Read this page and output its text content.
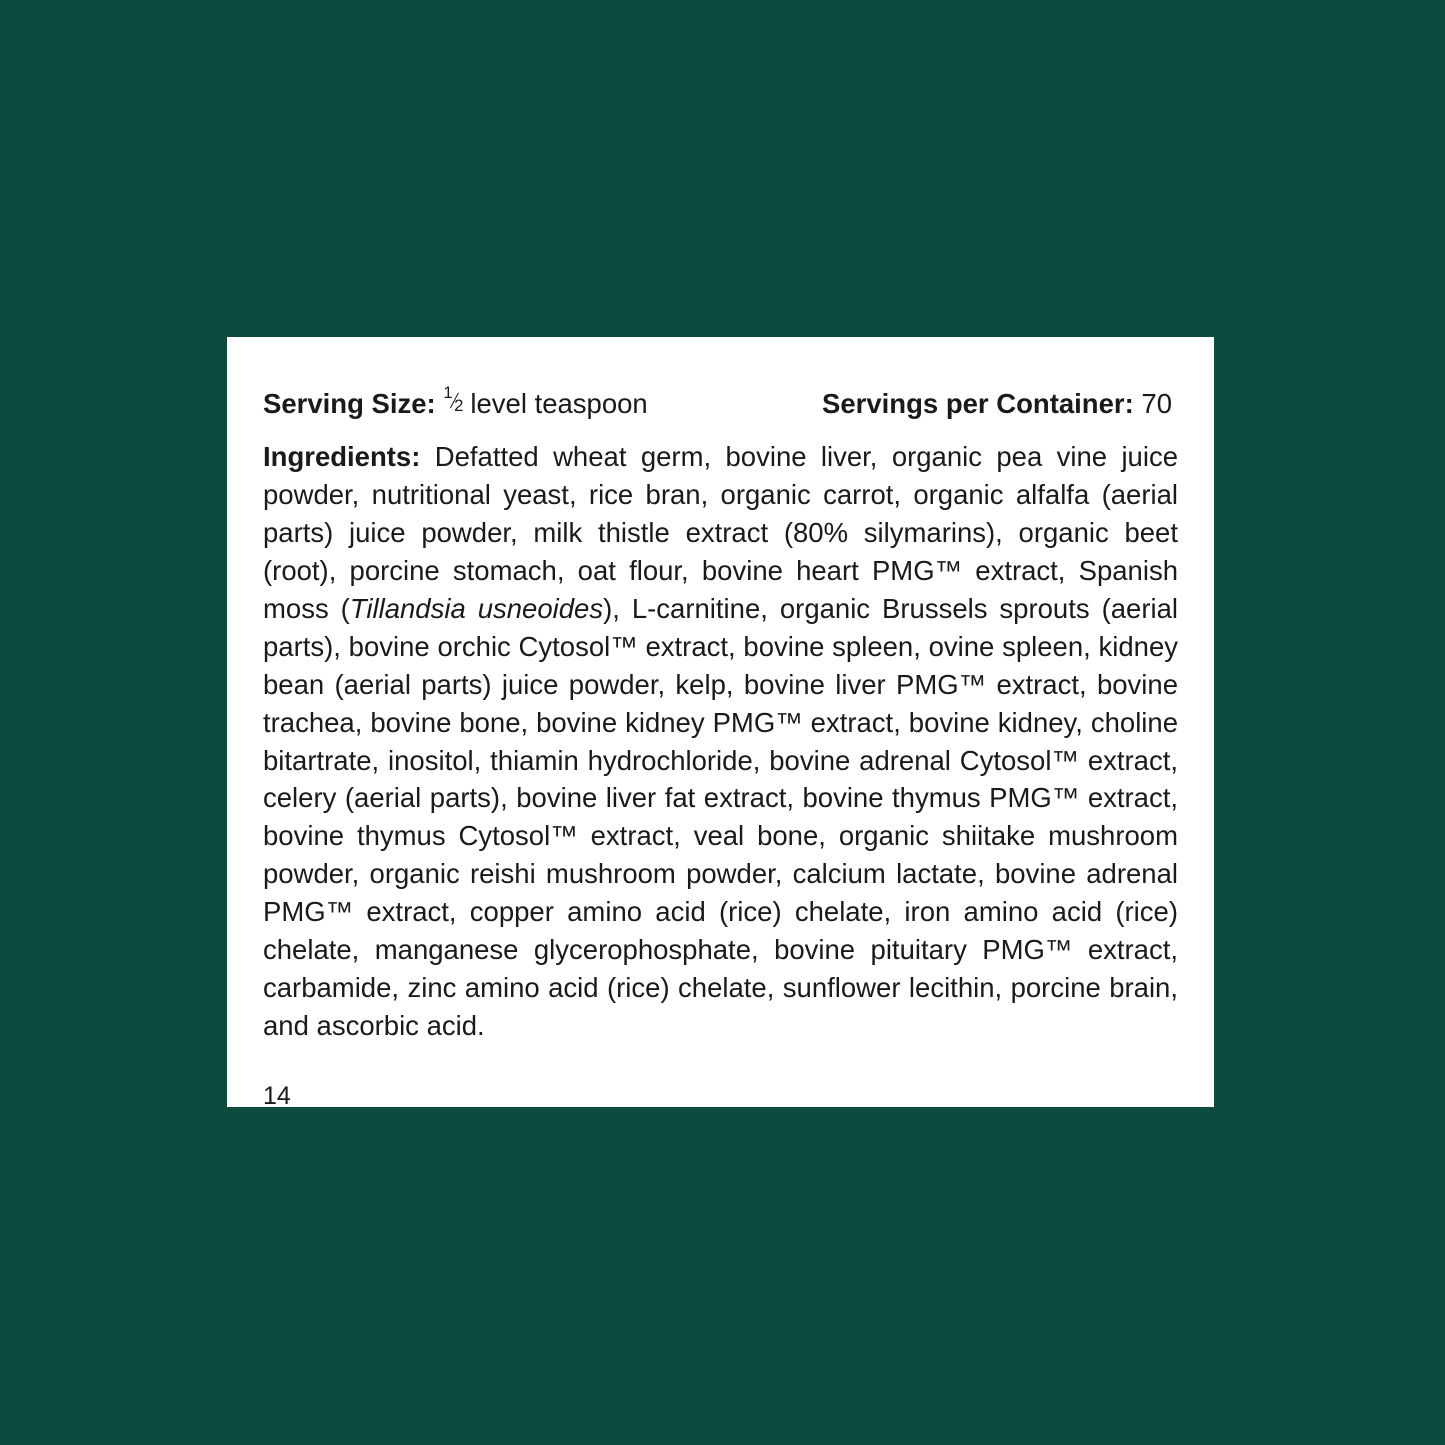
Serving Size: 1
2 level teaspoon	Servings per Container: 70

Ingredients: Defatted wheat germ, bovine liver, organic pea vine juice powder, nutritional yeast, rice bran, organic carrot, organic alfalfa (aerial parts) juice powder, milk thistle extract (80% silymarins), organic beet (root), porcine stomach, oat flour, bovine heart PMG™ extract, Spanish moss (Tillandsia usneoides), L-carnitine, organic Brussels sprouts (aerial parts), bovine orchic Cytosol™ extract, bovine spleen, ovine spleen, kidney bean (aerial parts) juice powder, kelp, bovine liver PMG™ extract, bovine trachea, bovine bone, bovine kidney PMG™ extract, bovine kidney, choline bitartrate, inositol, thiamin hydrochloride, bovine adrenal Cytosol™ extract, celery (aerial parts), bovine liver fat extract, bovine thymus PMG™ extract, bovine thymus Cytosol™ extract, veal bone, organic shiitake mushroom powder, organic reishi mushroom powder, calcium lactate, bovine adrenal PMG™ extract, copper amino acid (rice) chelate, iron amino acid (rice) chelate, manganese glycerophosphate, bovine pituitary PMG™ extract, carbamide, zinc amino acid (rice) chelate, sunflower lecithin, porcine brain, and ascorbic acid.

14
